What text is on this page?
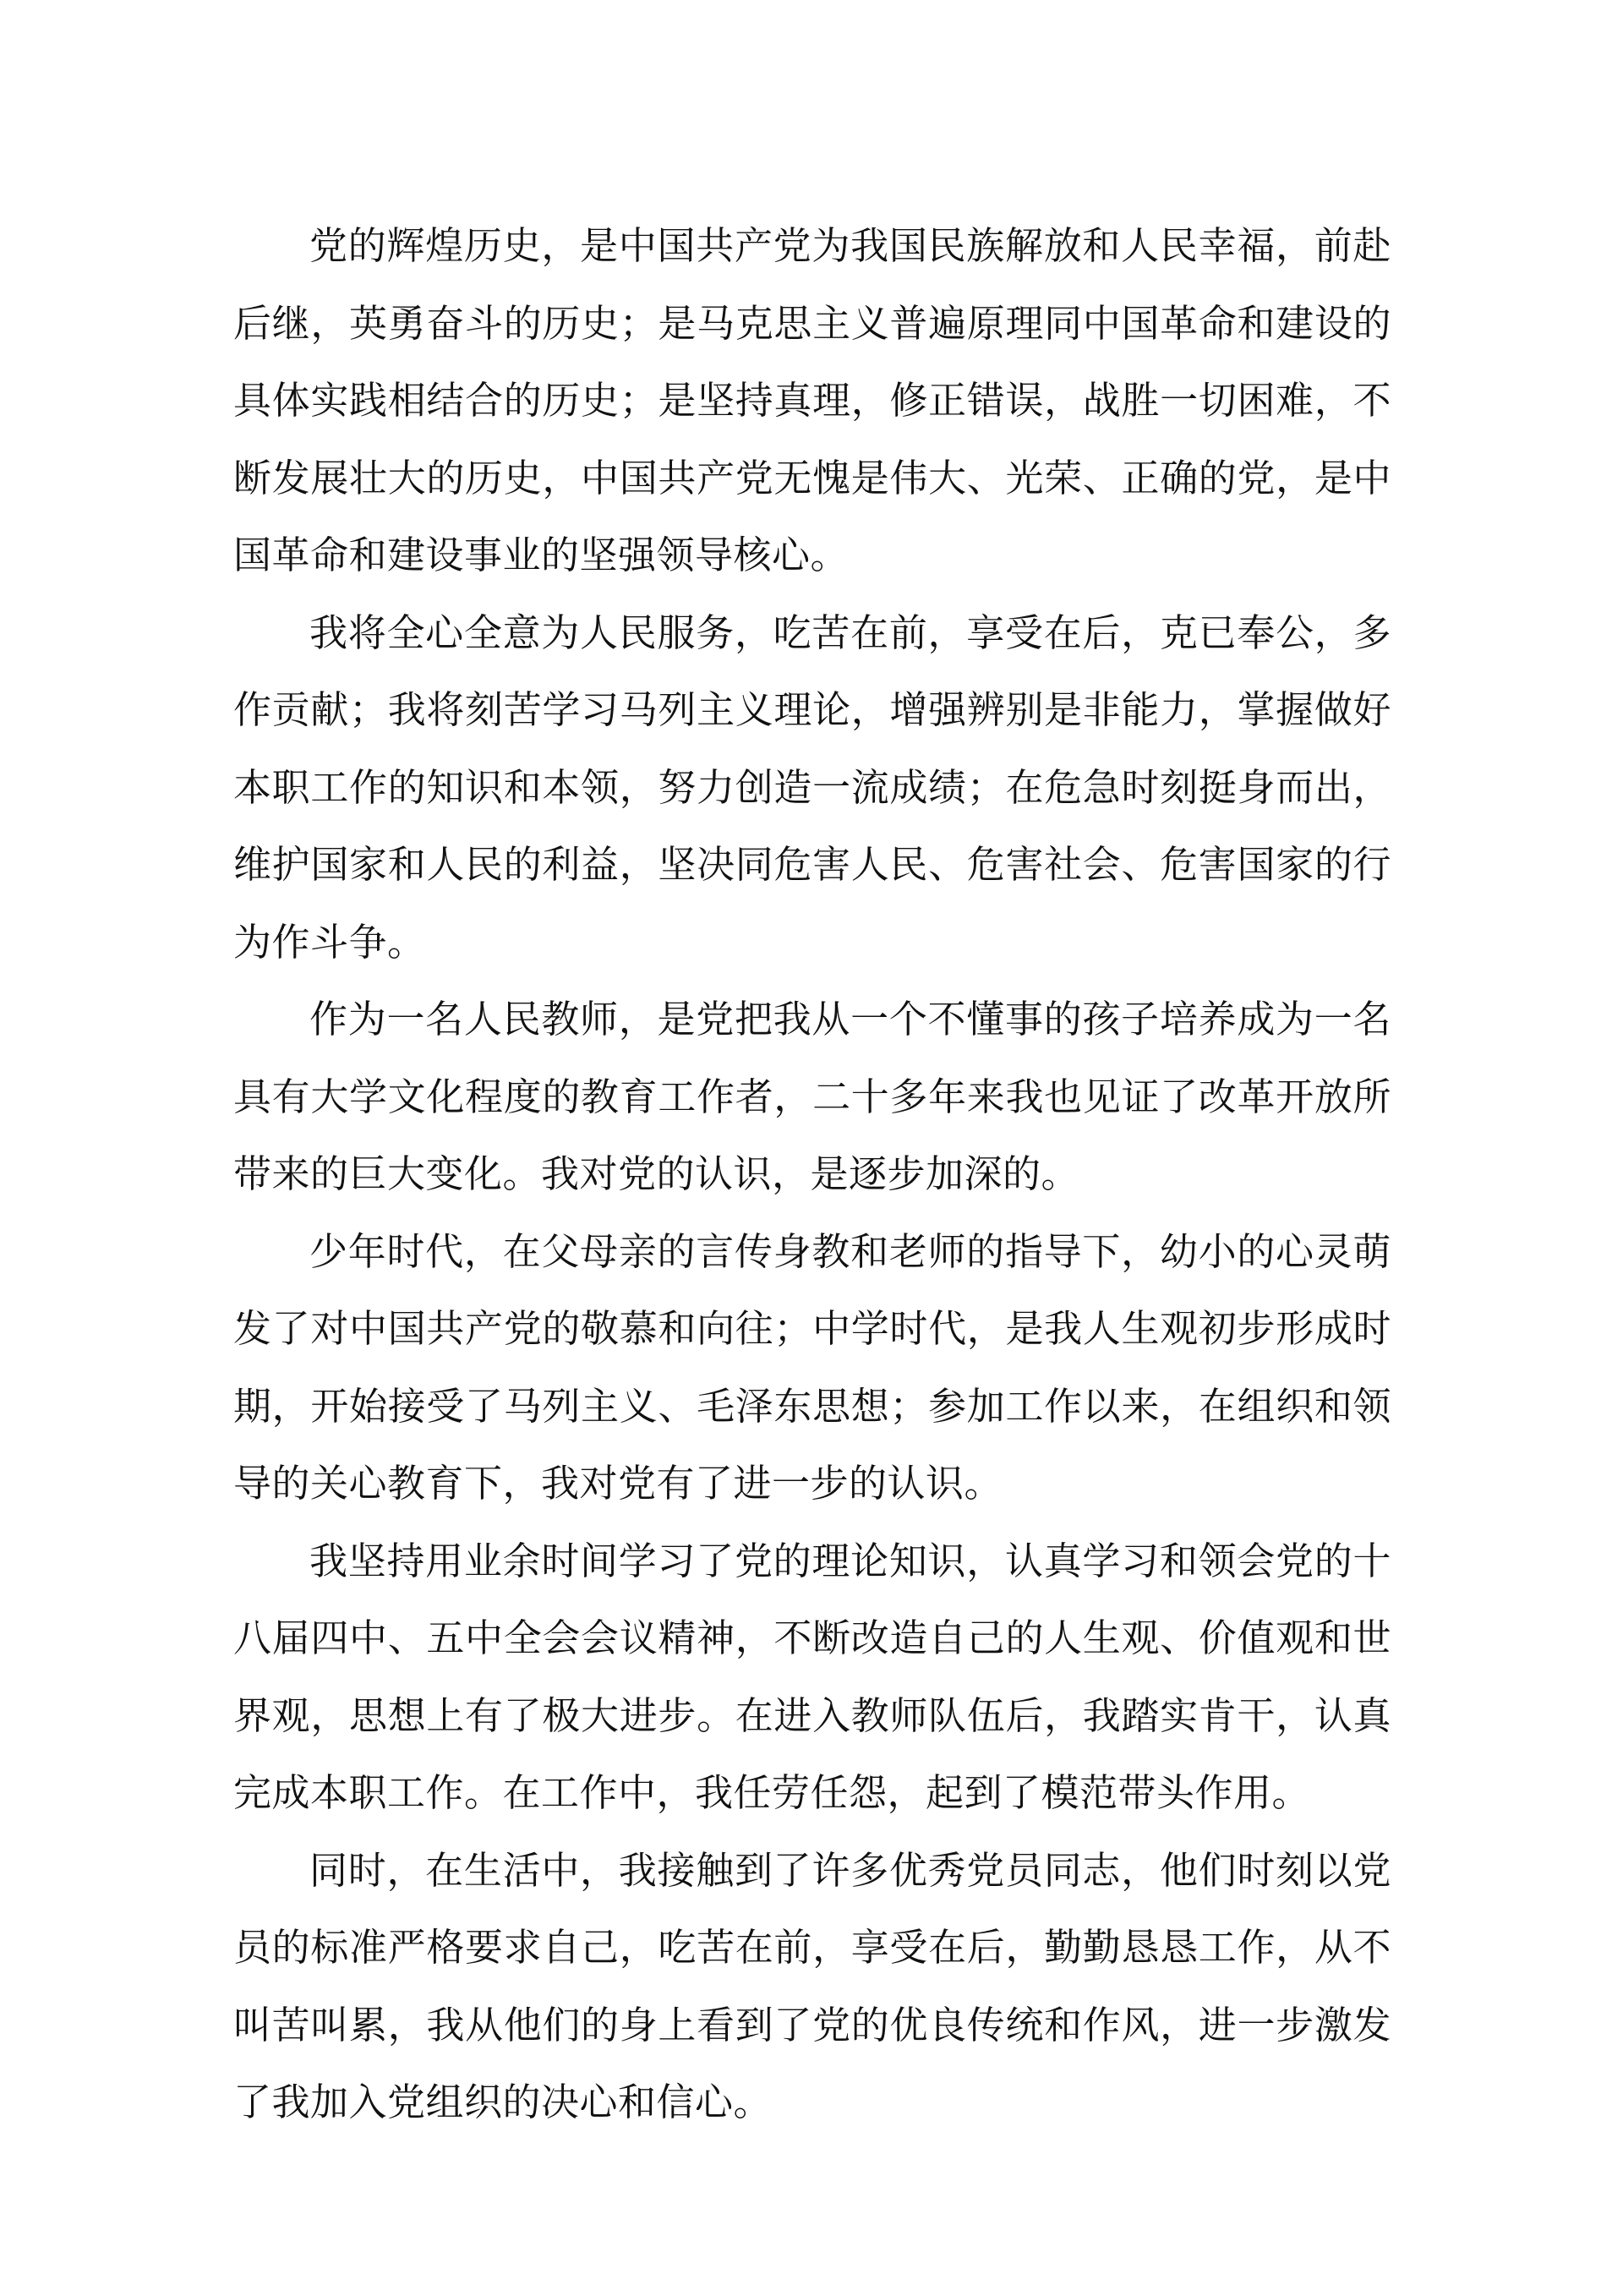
党的辉煌历史，是中国共产党为我国民族解放和人民幸福，前赴后继，英勇奋斗的历史；是马克思主义普遍原理同中国革命和建设的具体实践相结合的历史；是坚持真理，修正错误，战胜一切困难，不断发展壮大的历史，中国共产党无愧是伟大、光荣、正确的党，是中国革命和建设事业的坚强领导核心。

我将全心全意为人民服务，吃苦在前，享受在后，克已奉公，多作贡献；我将刻苦学习马列主义理论，增强辨别是非能力，掌握做好本职工作的知识和本领，努力创造一流成绩；在危急时刻挺身而出，维护国家和人民的利益，坚决同危害人民、危害社会、危害国家的行为作斗争。

作为一名人民教师，是党把我从一个不懂事的孩子培养成为一名具有大学文化程度的教育工作者，二十多年来我也见证了改革开放所带来的巨大变化。我对党的认识，是逐步加深的。

少年时代，在父母亲的言传身教和老师的指导下，幼小的心灵萌发了对中国共产党的敬慕和向往；中学时代，是我人生观初步形成时期，开始接受了马列主义、毛泽东思想；参加工作以来，在组织和领导的关心教育下，我对党有了进一步的认识。

我坚持用业余时间学习了党的理论知识，认真学习和领会党的十八届四中、五中全会会议精神，不断改造自己的人生观、价值观和世界观，思想上有了极大进步。在进入教师队伍后，我踏实肯干，认真完成本职工作。在工作中，我任劳任怨，起到了模范带头作用。

同时，在生活中，我接触到了许多优秀党员同志，他们时刻以党员的标准严格要求自己，吃苦在前，享受在后，勤勤恳恳工作，从不叫苦叫累，我从他们的身上看到了党的优良传统和作风，进一步激发了我加入党组织的决心和信心。
